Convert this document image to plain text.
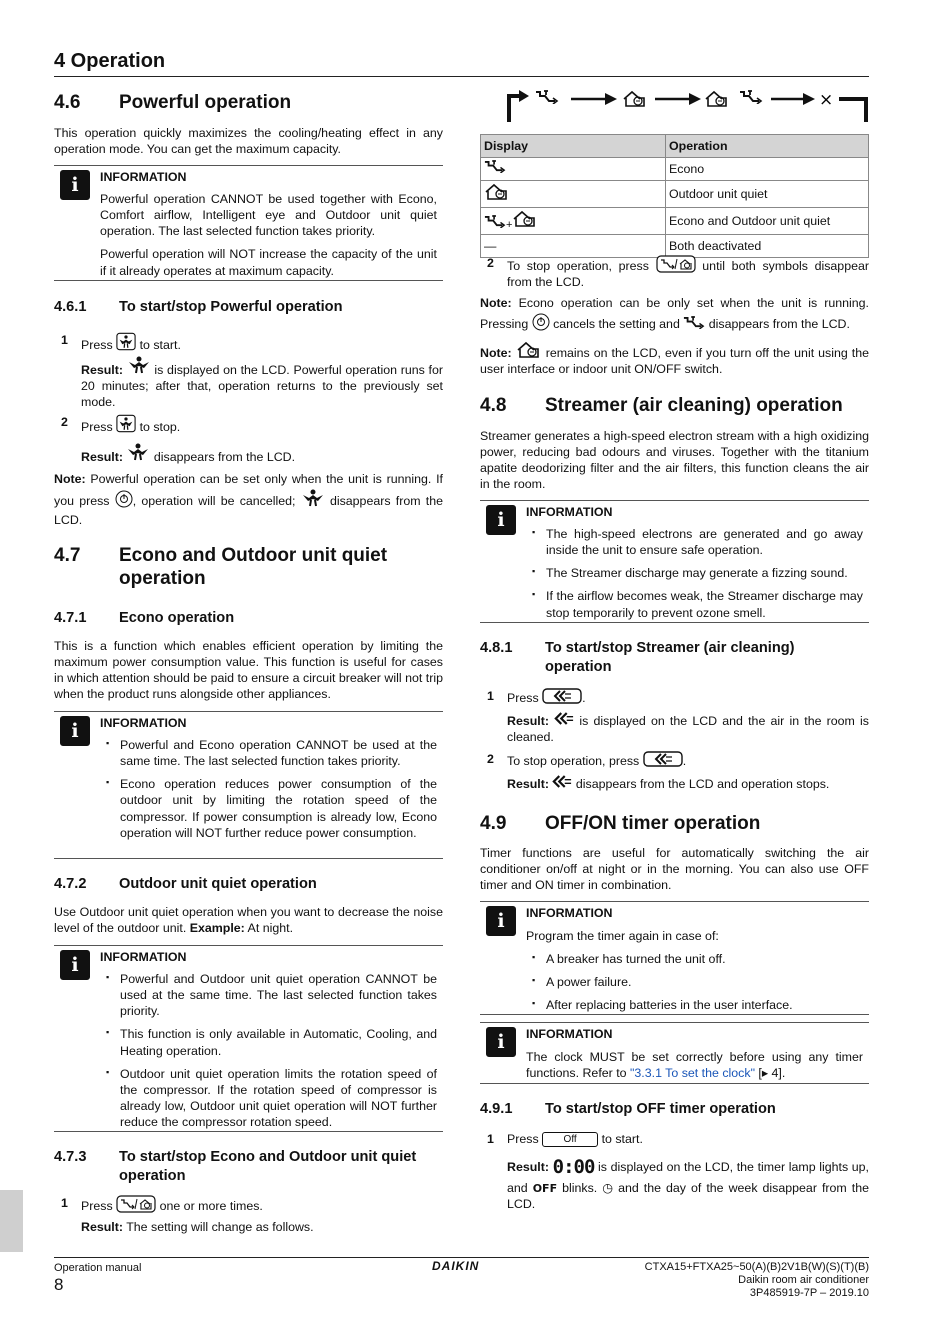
4 Operation
4.6 Powerful operation
This operation quickly maximizes the cooling/heating effect in any operation mode. You can get the maximum capacity.
i	INFORMATION

Powerful operation CANNOT be used together with Econo, Comfort airflow, Intelligent eye and Outdoor unit quiet operation. The last selected function takes priority.

Powerful operation will NOT increase the capacity of the unit if it already operates at maximum capacity.

4.6.1 To start/stop Powerful operation
1 Press  to start.
Result:  is displayed on the LCD. Powerful operation runs for 20 minutes; after that, operation returns to the previously set mode.
2 Press  to stop.
Result:  disappears from the LCD.
Note: Powerful operation can be set only when the unit is running. If you press , operation will be cancelled;  disappears from the LCD.
4.7 Econo and Outdoor unit quiet operation
4.7.1 Econo operation
This is a function which enables efficient operation by limiting the maximum power consumption value. This function is useful for cases in which attention should be paid to ensure a circuit breaker will not trip when the product runs alongside other appliances.
i	INFORMATION
▪ Powerful and Econo operation CANNOT be used at the same time. The last selected function takes priority.
▪ Econo operation reduces power consumption of the outdoor unit by limiting the rotation speed of the compressor. If power consumption is already low, Econo operation will NOT further reduce power consumption.
4.7.2 Outdoor unit quiet operation
Use Outdoor unit quiet operation when you want to decrease the noise level of the outdoor unit. Example: At night.
i	INFORMATION
▪ Powerful and Outdoor unit quiet operation CANNOT be used at the same time. The last selected function takes priority.
▪ This function is only available in Automatic, Cooling, and Heating operation.
▪ Outdoor unit quiet operation limits the rotation speed of the compressor. If the rotation speed of compressor is already low, Outdoor unit quiet operation will NOT further reduce the compressor rotation speed.
4.7.3 To start/stop Econo and Outdoor unit quiet operation
1 Press	one or more times.
Result: The setting will change as follows.
×
Display	Operation
	Econo
	Outdoor unit quiet
+	Econo and Outdoor unit quiet
—	Both deactivated
2 To stop operation, press	until both symbols disappear from the LCD.
Note: Econo operation can be only set when the unit is running. Pressing  cancels the setting and  disappears from the LCD.
Note:  remains on the LCD, even if you turn off the unit using the user interface or indoor unit ON/OFF switch.
4.8 Streamer (air cleaning) operation
Streamer generates a high-speed electron stream with a high oxidizing power, reducing bad odours and viruses. Together with the titanium apatite deodorizing filter and the air filters, this function cleans the air in the room.
i	INFORMATION
▪ The high-speed electrons are generated and go away inside the unit to ensure safe operation.
▪ The Streamer discharge may generate a fizzing sound.
▪ If the airflow becomes weak, the Streamer discharge may stop temporarily to prevent ozone smell.
4.8.1 To start/stop Streamer (air cleaning) operation
1 Press	.
Result:  is displayed on the LCD and the air in the room is cleaned.
2 To stop operation, press	.
Result:  disappears from the LCD and operation stops.
4.9 OFF/ON timer operation
Timer functions are useful for automatically switching the air conditioner on/off at night or in the morning. You can also use OFF timer and ON timer in combination.
i	INFORMATION

Program the timer again in case of:

▪ A breaker has turned the unit off.
▪ A power failure.
▪ After replacing batteries in the user interface.
i	INFORMATION

The clock MUST be set correctly before using any timer functions. Refer to "3.3.1 To set the clock" [▸ 4].

4.9.1 To start/stop OFF timer operation
1 Press Off to start.
Result: 0:00 is displayed on the LCD, the timer lamp lights up, and OFF blinks. ◷ and the day of the week disappear from the LCD.
Operation manual
8
DAIKIN	CTXA15+FTXA25~50(A)(B)2V1B(W)(S)(T)(B)
Daikin room air conditioner
3P485919-7P – 2019.10
